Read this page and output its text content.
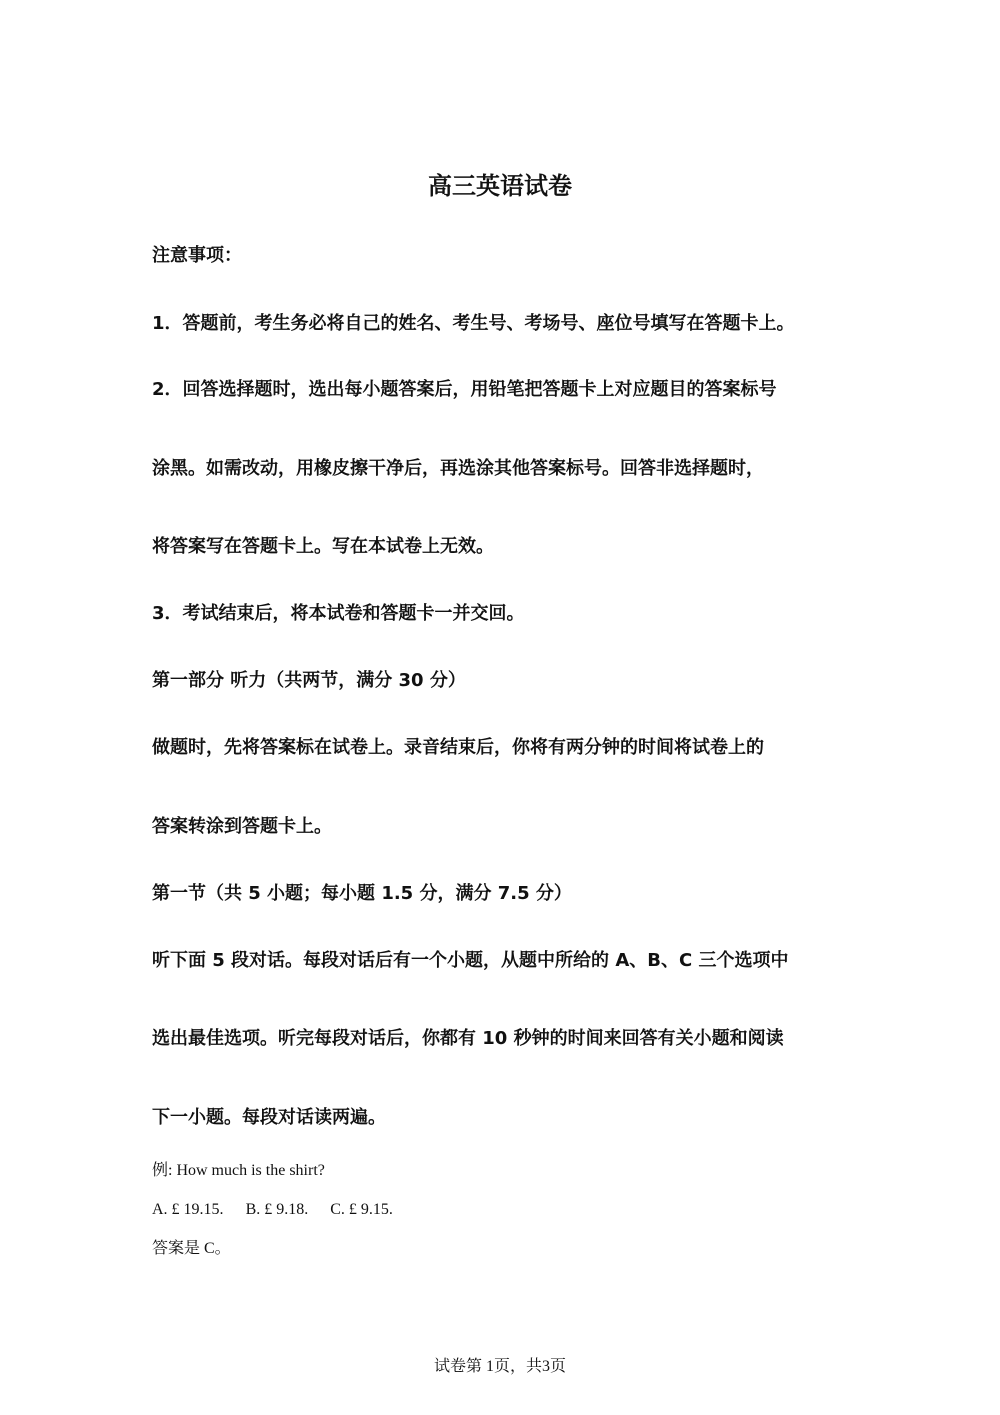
高三英语试卷
注意事项：
1．答题前，考生务必将自己的姓名、考生号、考场号、座位号填写在答题卡上。
2．回答选择题时，选出每小题答案后，用铅笔把答题卡上对应题目的答案标号
涂黑。如需改动，用橡皮擦干净后，再选涂其他答案标号。回答非选择题时，
将答案写在答题卡上。写在本试卷上无效。
3．考试结束后，将本试卷和答题卡一并交回。
第一部分 听力（共两节，满分 30 分）
做题时，先将答案标在试卷上。录音结束后，你将有两分钟的时间将试卷上的
答案转涂到答题卡上。
第一节（共 5 小题；每小题 1.5 分，满分 7.5 分）
听下面 5 段对话。每段对话后有一个小题，从题中所给的 A、B、C 三个选项中
选出最佳选项。听完每段对话后，你都有 10 秒钟的时间来回答有关小题和阅读
下一小题。每段对话读两遍。
例: How much is the shirt?
A. £ 19.15. B. £ 9.18. C. £ 9.15.
答案是 C。
试卷第 1页，共3页
